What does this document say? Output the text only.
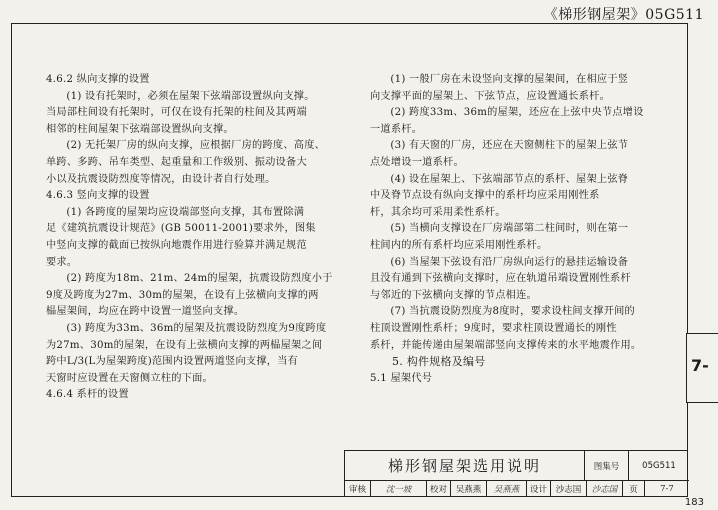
《梯形钢屋架》05G511

4.6.2 纵向支撑的设置

(1) 设有托架时，必须在屋架下弦端部设置纵向支撑。

当局部柱间设有托架时，可仅在设有托架的柱间及其两端

相邻的柱间屋架下弦端部设置纵向支撑。

(2) 无托架厂房的纵向支撑，应根据厂房的跨度、高度、

单跨、多跨、吊车类型、起重量和工作级别、振动设备大

小以及抗震设防烈度等情况，由设计者自行处理。

4.6.3 竖向支撑的设置

(1) 各跨度的屋架均应设端部竖向支撑，其布置除满

足《建筑抗震设计规范》(GB 50011-2001)要求外，图集

中竖向支撑的截面已按纵向地震作用进行验算并满足规范

要求。

(2) 跨度为18m、21m、24m的屋架，抗震设防烈度小于

9度及跨度为27m、30m的屋架，在设有上弦横向支撑的两

榀屋架间，均应在跨中设置一道竖向支撑。

(3) 跨度为33m、36m的屋架及抗震设防烈度为9度跨度

为27m、30m的屋架，在设有上弦横向支撑的两榀屋架之间

跨中L/3(L为屋架跨度)范围内设置两道竖向支撑，当有

天窗时应设置在天窗侧立柱的下面。

4.6.4 系杆的设置

(1) 一般厂房在未设竖向支撑的屋架间，在相应于竖

向支撑平面的屋架上、下弦节点，应设置通长系杆。

(2) 跨度33m、36m的屋架，还应在上弦中央节点增设

一道系杆。

(3) 有天窗的厂房，还应在天窗侧柱下的屋架上弦节

点处增设一道系杆。

(4) 设在屋架上、下弦端部节点的系杆、屋架上弦脊

中及脊节点设有纵向支撑中的系杆均应采用刚性系

杆，其余均可采用柔性系杆。

(5) 当横向支撑设在厂房端部第二柱间时，则在第一

柱间内的所有系杆均应采用刚性系杆。

(6) 当屋架下弦设有沿厂房纵向运行的悬挂运输设备

且没有通到下弦横向支撑时，应在轨道吊端设置刚性系杆

与邻近的下弦横向支撑的节点相连。

(7) 当抗震设防烈度为8度时，要求设柱间支撑开间的

柱顶设置刚性系杆；9度时，要求柱顶设置通长的刚性

系杆，并能传递由屋架端部竖向支撑传来的水平地震作用。

5. 构件规格及编号

5.1 屋架代号

7-
梯形钢屋架选用说明	图集号	05G511
审核	沈一坡	校对	吴燕燕	吴燕燕	设计	沙志国	沙志国	页	7-7
183
